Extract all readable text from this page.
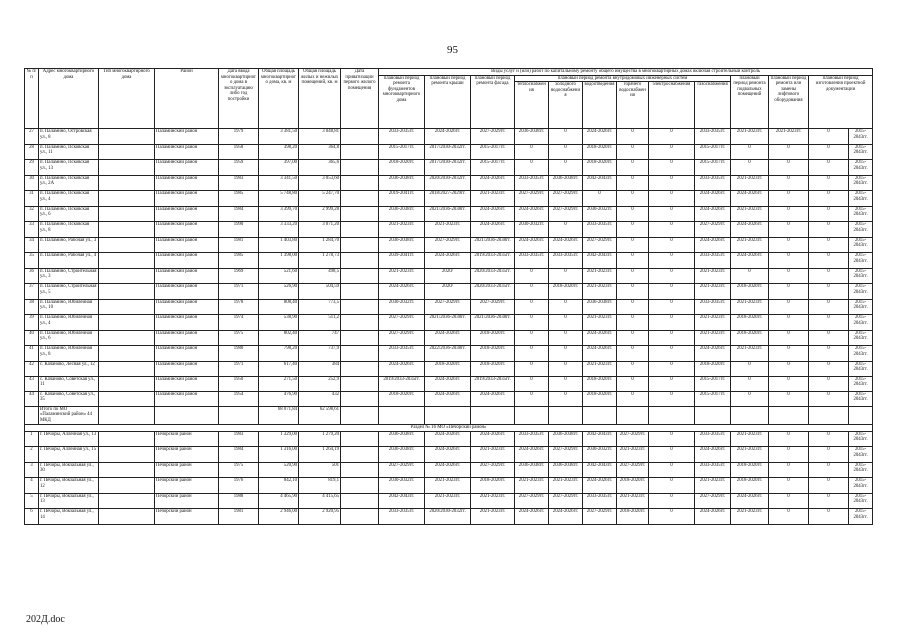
95
№ п/п	Адрес многоквартирного дома	Тип многоквартирного дома	Район	Дата ввода многоквартирного дома в эксплуатацию либо год постройки	Общая площадь многоквартирного дома, кв. м	Общая площадь жилых и нежилых помещений, кв. м	Дата приватизации первого жилого помещения	Виды услуг и (или) работ по капитальному ремонту общего имущества в многоквартирных домах включая строительный контроль												
								плановый период ремонта фундаментов многоквартирного дома	плановый период ремонта крыши	плановый период ремонта фасада	плановый период ремонта внутридомовых инженерных систем						плановый период ремонта подвальных помещений	плановый период ремонта или замены лифтового оборудования	плановый период изготовления проектной документации	
											теплоснабжения	холодного водоснабжения	водоотведения	горячего водоснабжения	электроснабжения	газоснабжения				
27	п. Паламино, Островская ул., 8		Паламинский район	1979	3 381,50	3 048,81		2033-2035гг.	2024-2026гг.	2027-2029гг.	2036-2038гг.	0	2024-2026гг.	0	0	2033-2035гг.	2021-2023гг.	2021-2023гг.	0	2015-2043гг.
28	п. Паламино, Псковская ул., 11		Паламинский район	1958	398,20	364,8		2015-2017гг.	2017/2030-2032гг.	2015-2017гг.	0	0	2018-2020гг.	0	0	2015-2017гг.	0	0	0	2015-2043гг.
29	п. Паламино, Псковская ул., 13		Паламинский район	1959	397,00	365,6		2018-2020гг.	2017/2030-2032гг.	2015-2017гг.	0	0	2018-2020гг.	0	0	2015-2017гг.	0	0	0	2015-2043гг.
30	п. Паламино, Псковская ул., 2А		Паламинский район	1983	3 341,50	3 053,60		2036-2038гг.	2020/2030-2032гг.	2024-2026гг.	2033-2035гг.	2036-2038гг.	2042-2043гг.	0	0	2033-2035гг.	2021-2023гг.	0	0	2015-2043гг.
31	п. Паламино, Псковская ул., 4		Паламинский район	1985	5 748,80	5 247,70		2019-2041гг.	2018/2027-2029гг.	2021-2023гг.	2027-2029гг.	2027-2029гг.	0	0	0	2024-2026гг.	2024-2026гг.	0	0	2015-2043гг.
32	п. Паламино, Псковская ул., 6		Паламинский район	1984	3 399,70	2 999,28		2036-2038гг.	2021/2036-2038гг.	2024-2026гг.	2024-2026гг.	2027-2029гг.	2030-2032гг.	0	0	2024-2026гг.	2021-2023гг.	0	0	2015-2043гг.
33	п. Паламино, Псковская ул., 8		Паламинский район	1990	3 333,20	3 071,20		2021-2023гг.	2021-2023гг.	2024-2026гг.	2030-2032гг.	0	2033-2035гг.	0	0	2027-2029гг.	2024-2026гг.	0	0	2015-2043гг.
34	п. Паламино, Рабочая ул., 3		Паламинский район	1981	1 403,80	1 284,70		2036-2038гг.	2027-2029гг.	2021/2036-2038гг.	2024-2026гг.	2024-2026гг.	2027-2029гг.	0	0	2024-2026гг.	2021-2023гг.	0	0	2015-2043гг.
35	п. Паламино, Рабочая ул., 4		Паламинский район	1985	1 398,00	1 278,73		2039-2041гг.	2024-2026гг.	2019/2033-2035гг.	2033-2035гг.	2033-2035гг.	2042-2043гг.	0	0	2033-2035гг.	2024-2026гг.	0	0	2015-2043гг.
36	п. Паламино, Строительная ул., 3		Паламинский район	1969	521,60	498,5		2021-2023гг.	2020/	2020/2033-2035гг.	0	0	2021-2023гг.	0	0	2021-2023гг.	0	0	0	2015-2043гг.
37	п. Паламино, Строительная ул., 5		Паламинский район	1971	526,90	504,59		2024-2026гг.	2020/	2020/2033-2035гг.	0	2018-2020гг.	2021-2023гг.	0	0	2021-2023гг.	2018-2020гг.	0	0	2015-2043гг.
38	п. Паламино, Юбилейная ул., 10		Паламинский район	1978	808,40	773,5		2030-2032гг.	2027-2029гг.	2027-2029гг.	0	0	2036-2038гг.	0	0	2033-2035гг.	2021-2023гг.	0	0	2015-2043гг.
39	п. Паламино, Юбилейная ул., 4		Паламинский район	1974	538,90	511,2		2027-2029гг.	2021/2036-2038гг.	2021/2036-2038гг.	0	0	2021-2023гг.	0	0	2021-2023гг.	2018-2020гг.	0	0	2015-2043гг.
40	п. Паламино, Юбилейная ул., 6		Паламинский район	1975	802,40	747		2027-2029гг.	2024-2026гг.	2018-2020гг.	0	0	2024-2026гг.	0	0	2021-2023гг.	2018-2020гг.	0	0	2015-2043гг.
41	п. Паламино, Юбилейная ул., 8		Паламинский район	1980	798,20	737,9		2033-2035гг.	2022/2036-2038гг.	2018-2020гг.	0	0	2024-2026гг.	0	0	2024-2026гг.	2021-2023гг.	0	0	2015-2043гг.
42	с. Качаново, Лесная ул., 12		Паламинский район	1971	617,40	384		2024-2026гг.	2018-2020гг.	2018-2020гг.	0	0	2021-2023гг.	0	0	2018-2020гг.	0	0	0	2015-2043гг.
43	с. Качаново, Советская ул., 11		Паламинский район	1950	271,50	252,9		2019/2033-2035гг.	2024-2026гг.	2019/2033-2035гг.	0	0	2018-2020гг.	0	0	2015-2017гг.	0	0	0	2015-2043гг.
44	с. Качаново, Советская ул., 35		Паламинский район	1954	476,90	432		2018-2020гг.	2024-2026гг.	2024-2026гг.	0	0	2018-2020гг.	0	0	2015-2017гг.	0	0	0	2015-2043гг.
	Итого по МО «Паламинский район» 44 МКД				68 071,84	62 598,61														
Раздел № 16 МО «Печорский район»																				
1	г. Печоры, Аллейная ул., 13		Печорский район	1983	1 329,00	1 279,20		2036-2038гг.	2024-2026гг.	2024-2026гг.	2033-2035гг.	2036-2038гг.	2042-2043гг.	2027-2029гг.	0	2033-2035гг.	2021-2023гг.	0	0	2015-2043гг.
2	г. Печоры, Аллейная ул., 15		Печорский район	1984	1 316,00	1 264,19		2036-2038гг.	2024-2026гг.	2021-2023гг.	2024-2026гг.	2027-2029гг.	2030-2032гг.	2021-2023гг.	0	2024-2026гг.	2021-2023гг.	0	0	2015-2043гг.
3	г. Печоры, Вокзальная ул., 30		Печорский район	1975	520,90	501		2027-2029гг.	2024-2026гг.	2027-2029гг.	2036-2038гг.	2036-2038гг.	2042-2043гг.	2027-2029гг.	0	2033-2035гг.	2018-2020гг.	0	0	2015-2043гг.
4	г. Печоры, Вокзальная ул., 12		Печорский район	1976	842,10	819,1		2030-2032гг.	2021-2023гг.	2018-2020гг.	2021-2023гг.	2021-2023гг.	2024-2026гг.	2018-2020гг.	0	2021-2023гг.	2018-2020гг.	0	0	2015-2043гг.
5	г. Печоры, Вокзальная ул., 13		Печорский район	1988	4 465,90	4 415,65		2042-2043гг.	2021-2023гг.	2021-2023гг.	2027-2029гг.	2027-2029гг.	2033-2035гг.	2021-2023гг.	0	2027-2029гг.	2024-2026гг.	0	0	2015-2043гг.
6	г. Печоры, Вокзальная ул., 14		Печорский район	1981	2 946,00	2 920,95		2033-2035гг.	2020/2030-2032гг.	2021-2023гг.	2024-2026гг.	2024-2026гг.	2027-2029гг.	2018-2020гг.	0	2024-2026гг.	2021-2023гг.	0	0	2015-2043гг.
202Д.doc
